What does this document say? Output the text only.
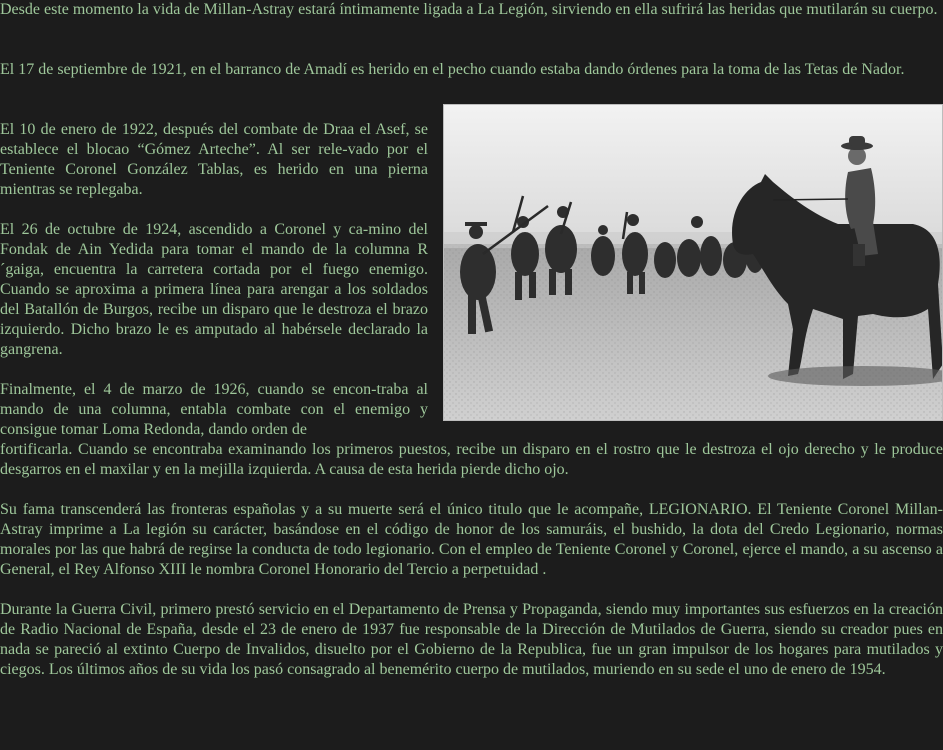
Desde este momento la vida de Millan-Astray estará íntimamente ligada a La Legión, sirviendo en ella sufrirá las heridas que mutilarán su cuerpo.

El 17 de septiembre de 1921, en el barranco de Amadí es herido en el pecho cuando estaba dando órdenes para la toma de las Tetas de Nador.

El 10 de enero de 1922, después del combate de Draa el Asef, se establece el blocao “Gómez Arteche”. Al ser rele-vado por el Teniente Coronel González Tablas, es herido en una pierna mientras se replegaba.

El 26 de octubre de 1924, ascendido a Coronel y ca-mino del Fondak de Ain Yedida para tomar el mando de la columna R´gaiga, encuentra la carretera cortada por el fuego enemigo. Cuando se aproxima a primera línea para arengar a los soldados del Batallón de Burgos, recibe un disparo que le destroza el brazo izquierdo. Dicho brazo le es amputado al habérsele declarado la gangrena.

Finalmente, el 4 de marzo de 1926, cuando se encon-traba al mando de una columna, entabla combate con el enemigo y consigue tomar Loma Redonda, dando orden de

fortificarla. Cuando se encontraba examinando los primeros puestos, recibe un disparo en el rostro que le destroza el ojo derecho y le produce desgarros en el maxilar y en la mejilla izquierda. A causa de esta herida pierde dicho ojo.

Su fama transcenderá las fronteras españolas y a su muerte será el único titulo que le acompañe, LEGIONARIO. El Teniente Coronel Millan-Astray imprime a La legión su carácter, basándose en el código de honor de los samuráis, el bushido, la dota del Credo Legionario, normas morales por las que habrá de regirse la conducta de todo legionario. Con el empleo de Teniente Coronel y Coronel, ejerce el mando, a su ascenso a General, el Rey Alfonso XIII le nombra Coronel Honorario del Tercio a perpetuidad .

Durante la Guerra Civil, primero prestó servicio en el Departamento de Prensa y Propaganda, siendo muy importantes sus esfuerzos en la creación de Radio Nacional de España, desde el 23 de enero de 1937 fue responsable de la Dirección de Mutilados de Guerra, siendo su creador pues en nada se pareció al extinto Cuerpo de Invalidos, disuelto por el Gobierno de la Republica, fue un gran impulsor de los hogares para mutilados y ciegos. Los últimos años de su vida los pasó consagrado al benemérito cuerpo de mutilados, muriendo en su sede el uno de enero de 1954.
